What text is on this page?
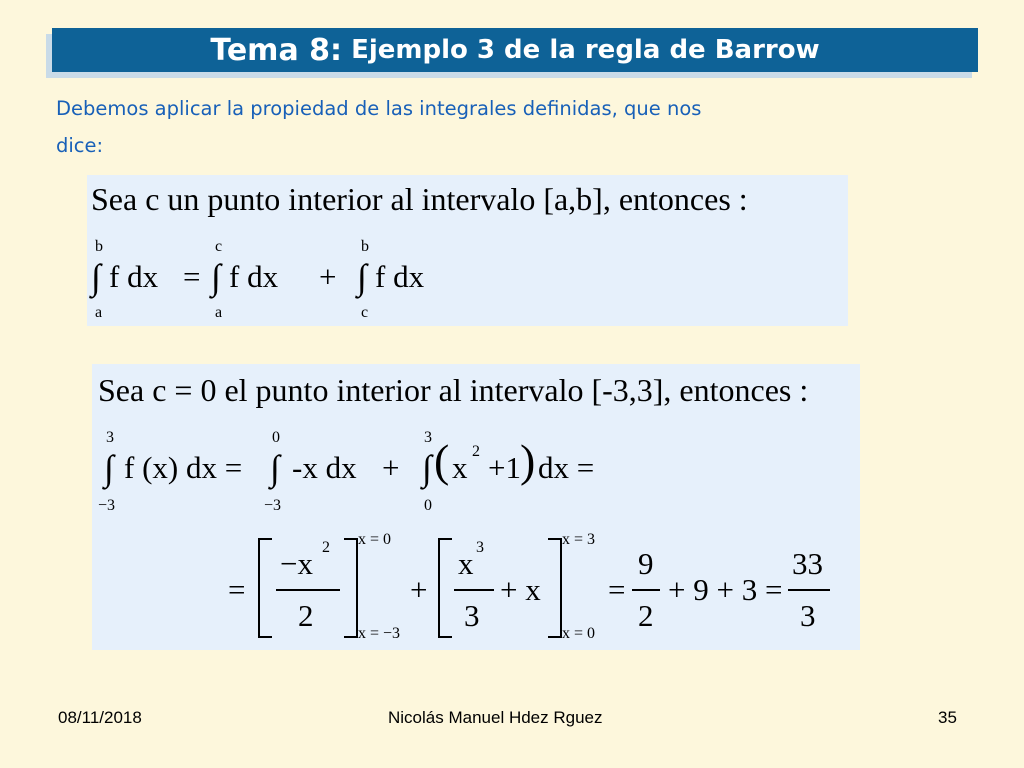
Tema 8:
Ejemplo 3 de la regla de Barrow
Debemos aplicar la propiedad de las integrales definidas, que nos
dice:
Sea c un punto interior al intervalo [a,b], entonces :
b
∫
a
f dx =
c
∫
a
f dx +
b
∫
c
f dx
Sea c = 0 el punto interior al intervalo [-3,3], entonces :
3
∫
−3
f (x) dx =
0
∫
−3
-x dx +
3
∫
0
( x 2 +1 ) dx =
=
−x 2
2
x = 0
x = −3
+
x 3
3
+ x
x = 3
x = 0
=
9
2
+ 9 + 3 =
33
3
08/11/2018	Nicolás Manuel Hdez Rguez	35
